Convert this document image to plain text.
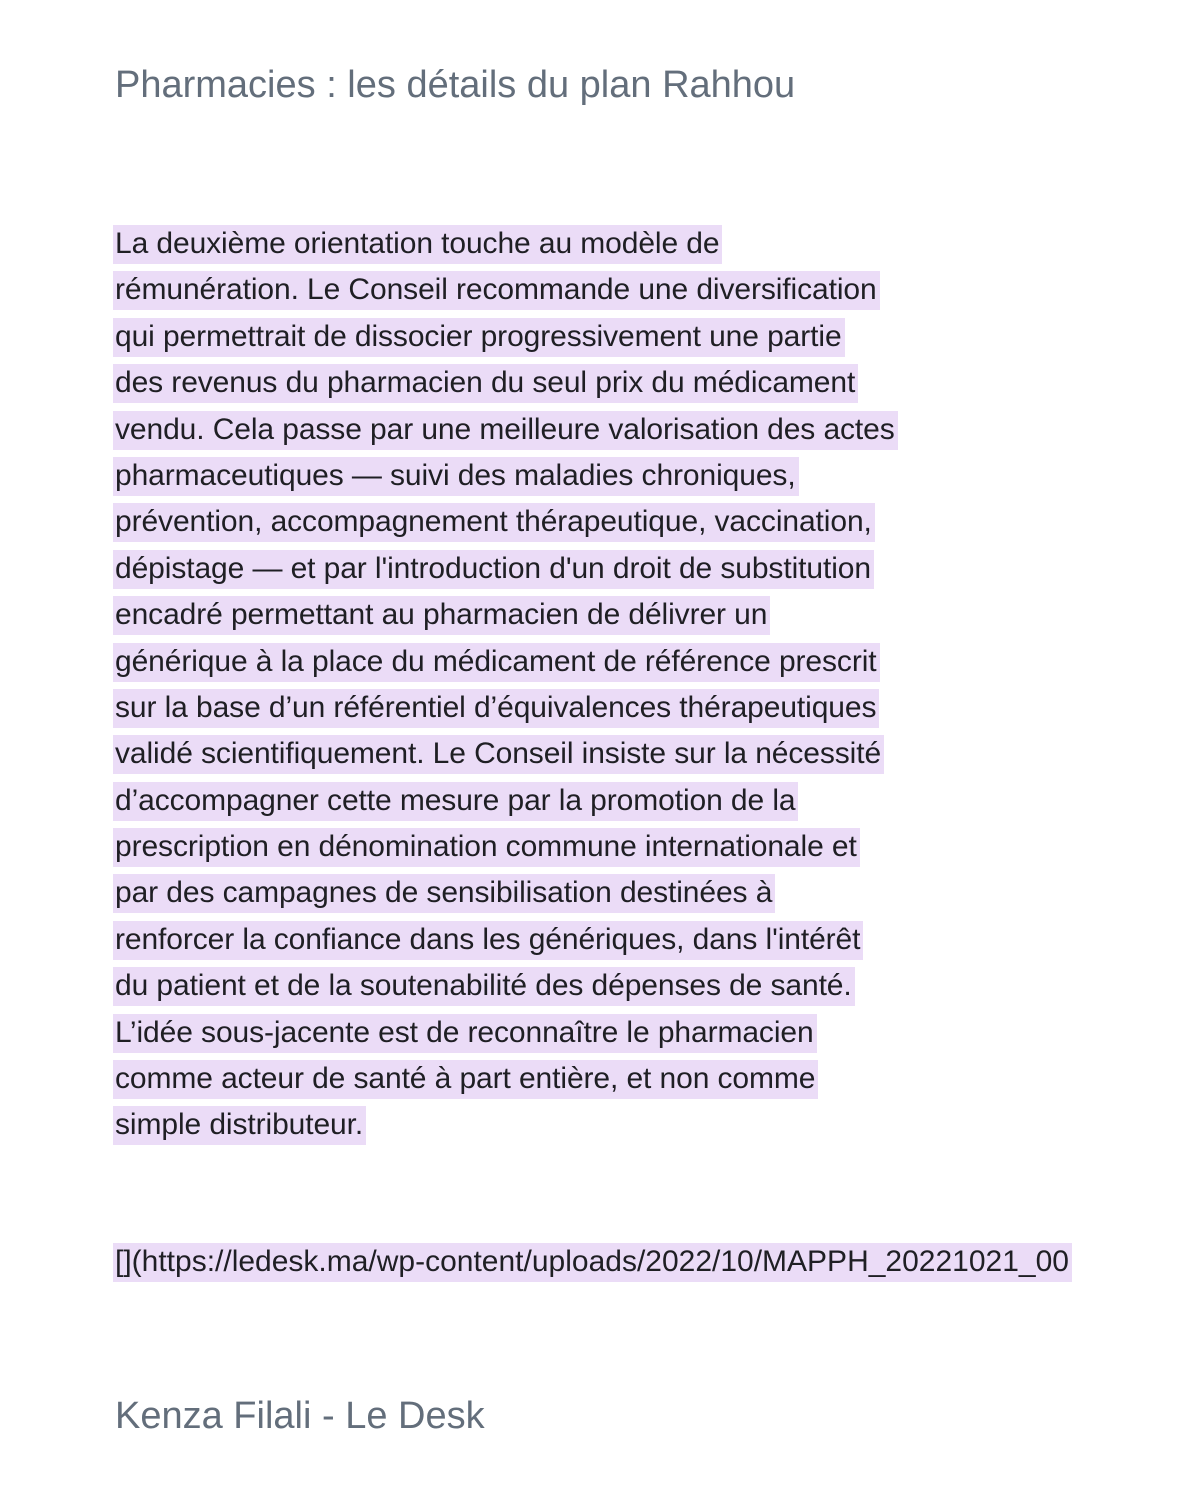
Pharmacies : les détails du plan Rahhou
La deuxième orientation touche au modèle de
rémunération. Le Conseil recommande une diversification
qui permettrait de dissocier progressivement une partie
des revenus du pharmacien du seul prix du médicament
vendu. Cela passe par une meilleure valorisation des actes
pharmaceutiques — suivi des maladies chroniques,
prévention, accompagnement thérapeutique, vaccination,
dépistage — et par l'introduction d'un droit de substitution
encadré permettant au pharmacien de délivrer un
générique à la place du médicament de référence prescrit
sur la base d’un référentiel d’équivalences thérapeutiques
validé scientifiquement. Le Conseil insiste sur la nécessité
d’accompagner cette mesure par la promotion de la
prescription en dénomination commune internationale et
par des campagnes de sensibilisation destinées à
renforcer la confiance dans les génériques, dans l'intérêt
du patient et de la soutenabilité des dépenses de santé.
L’idée sous-jacente est de reconnaître le pharmacien
comme acteur de santé à part entière, et non comme
simple distributeur.
[](https://ledesk.ma/wp-content/uploads/2022/10/MAPPH_20221021_00
Kenza Filali - Le Desk
